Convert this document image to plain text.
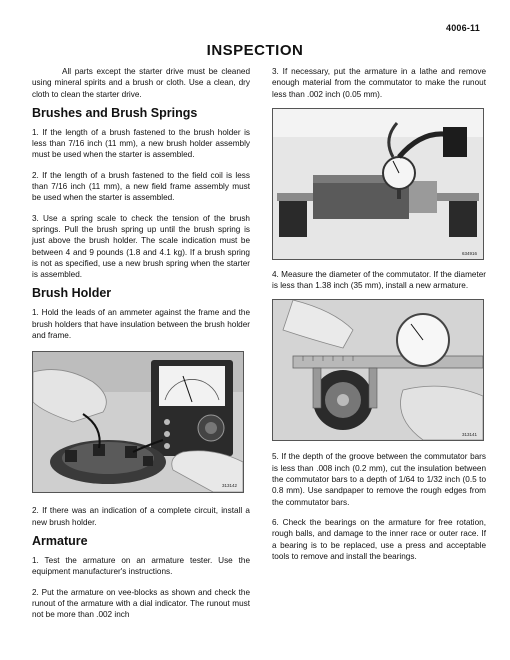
4006-11
INSPECTION

All parts except the starter drive must be cleaned using mineral spirits and a brush or cloth. Use a clean, dry cloth to clean the starter drive.

Brushes and Brush Springs

1. If the length of a brush fastened to the brush holder is less than 7/16 inch (11 mm), a new brush holder assembly must be used when the starter is assembled.

2. If the length of a brush fastened to the field coil is less than 7/16 inch (11 mm), a new field frame assembly must be used when the starter is assembled.

3. Use a spring scale to check the tension of the brush springs. Pull the brush spring up until the brush spring is just above the brush holder. The scale indication must be between 4 and 9 pounds (1.8 and 4.1 kg). If a brush spring is not as specified, use a new brush spring when the starter is assembled.

Brush Holder

1. Hold the leads of an ammeter against the frame and the brush holders that have insulation between the brush holder and frame.

313142

2. If there was an indication of a complete circuit, install a new brush holder.

Armature

1. Test the armature on an armature tester. Use the equipment manufacturer's instructions.

2. Put the armature on vee-blocks as shown and check the runout of the armature with a dial indicator. The runout must not be more than .002 inch

3. If necessary, put the armature in a lathe and remove enough material from the commutator to make the runout less than .002 inch (0.05 mm).

634916

4. Measure the diameter of the commutator. If the diameter is less than 1.38 inch (35 mm), install a new armature.

313141

5. If the depth of the groove between the commutator bars is less than .008 inch (0.2 mm), cut the insulation between the commutator bars to a depth of 1/64 to 1/32 inch (0.5 to 0.8 mm). Use sandpaper to remove the rough edges from the commutator bars.

6. Check the bearings on the armature for free rotation, rough balls, and damage to the inner race or outer race. If a bearing is to be replaced, use a press and acceptable tools to remove and install the bearings.
